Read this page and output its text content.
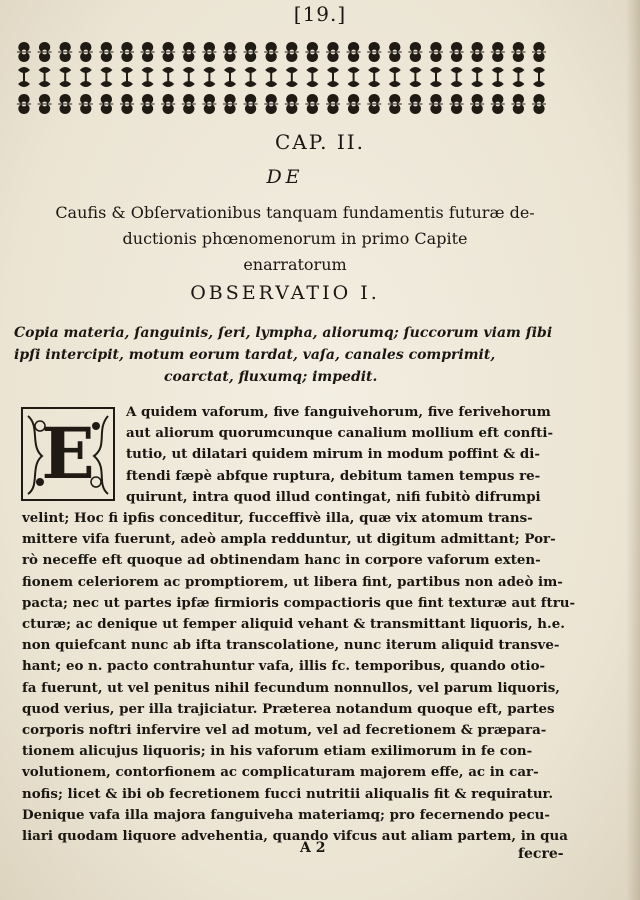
[19.]
CAP. II.
DE
Caufis & Obſervationibus tanquam fundamentis futuræ de-
ductionis phœnomenorum in primo Capite
enarratorum
OBSERVATIO I.
Copia materia, ſanguinis, ſeri, lympha, aliorumq; ſuccorum viam ſibi
ipſi intercipit, motum eorum tardat, vaſa, canales comprimit,
coarctat, fluxumq; impedit.
E	A quidem vaforum, five fanguivehorum, five ferivehorum
aut aliorum quorumcunque canalium mollium eft confti-
tutio, ut dilatari quidem mirum in modum poffint & di-
ftendi fæpè abfque ruptura, debitum tamen tempus re-
quirunt, intra quod illud contingat, nifi fubitò difrumpi
velint; Hoc fi ipfis conceditur, fucceffivè illa, quæ vix atomum trans-
mittere vifa fuerunt, adeò ampla redduntur, ut digitum admittant; Por-
rò neceffe eft quoque ad obtinendam hanc in corpore vaforum exten-
fionem celeriorem ac promptiorem, ut libera fint, partibus non adeò im-
pacta; nec ut partes ipfæ firmioris compactioris que fint texturæ aut ftru-
cturæ; ac denique ut femper aliquid vehant & transmittant liquoris, h.e.
non quiefcant nunc ab ifta transcolatione, nunc iterum aliquid transve-
hant; eo n. pacto contrahuntur vafa, illis fc. temporibus, quando otio-
fa fuerunt, ut vel penitus nihil fecundum nonnullos, vel parum liquoris,
quod verius, per illa trajiciatur. Præterea notandum quoque eft, partes
corporis noftri infervire vel ad motum, vel ad fecretionem & præpara-
tionem alicujus liquoris; in his vaforum etiam exilimorum in fe con-
volutionem, contorfionem ac complicaturam majorem effe, ac in car-
nofis; licet & ibi ob fecretionem fucci nutritii aliqualis fit & requiratur.
Denique vafa illa majora fanguiveha materiamq; pro fecernendo pecu-
liari quodam liquore advehentia, quando vifcus aut aliam partem, in qua
A 2	fecre-
